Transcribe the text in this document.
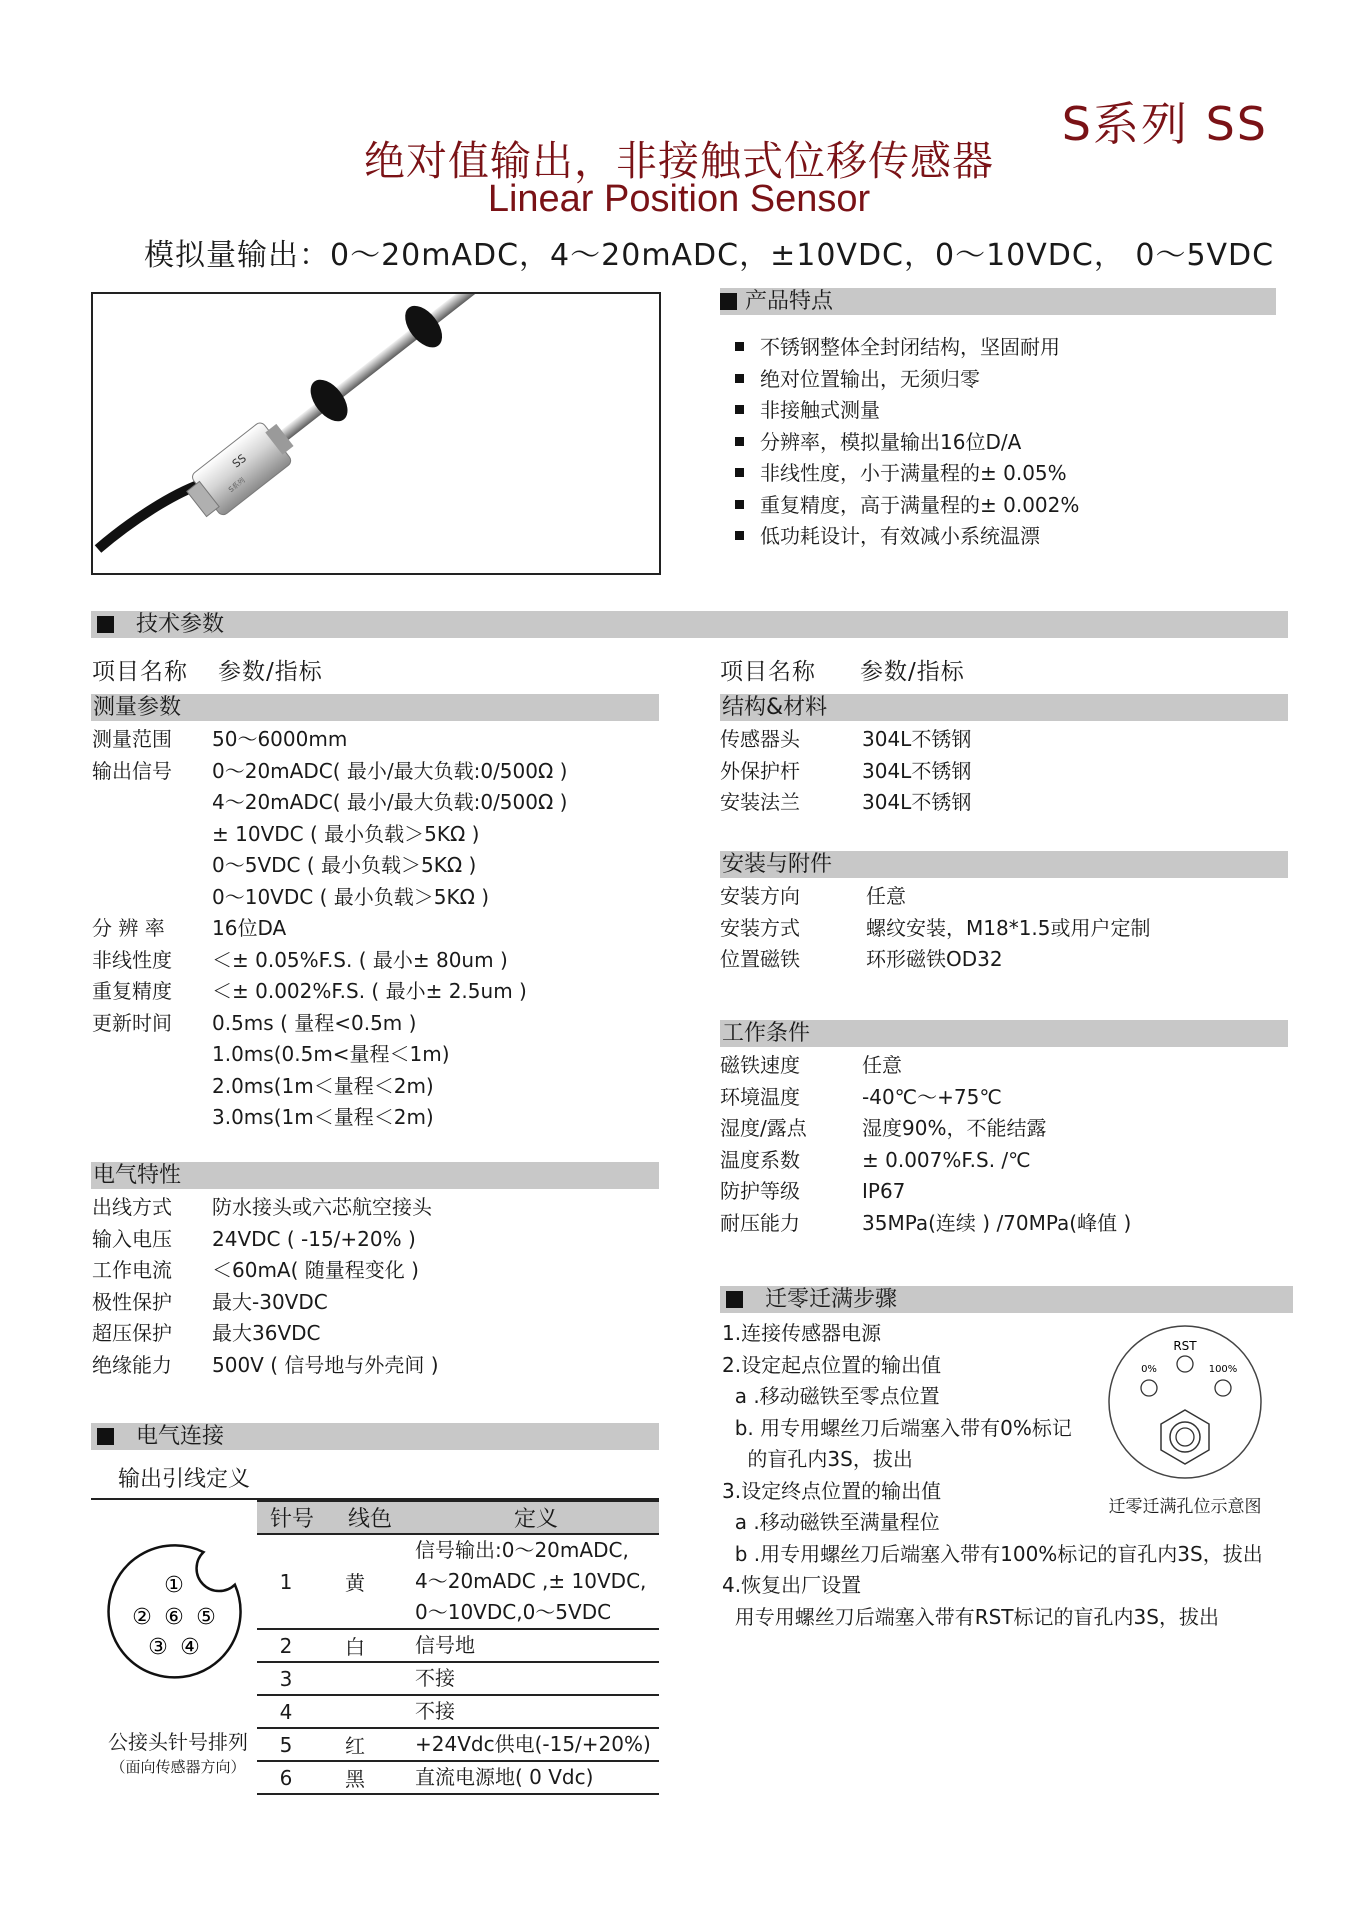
S系列 SS
绝对值输出，非接触式位移传感器
Linear Position Sensor
模拟量输出：0～20mADC，4～20mADC，±10VDC，0～10VDC， 0～5VDC
SS
S系列
产品特点
不锈钢整体全封闭结构，坚固耐用
绝对位置输出，无须归零
非接触式测量
分辨率，模拟量输出16位D/A
非线性度，小于满量程的± 0.05%
重复精度，高于满量程的± 0.002%
低功耗设计，有效减小系统温漂
技术参数
项目名称 参数/指标	项目名称 参数/指标
测量参数
测量范围 50～6000mm
输出信号 0～20mADC( 最小/最大负载:0/500Ω )
4～20mADC( 最小/最大负载:0/500Ω )
± 10VDC ( 最小负载＞5KΩ )
0～5VDC ( 最小负载＞5KΩ )
0～10VDC ( 最小负载＞5KΩ )
分 辨 率 16位DA
非线性度 ＜± 0.05%F.S. ( 最小± 80um )
重复精度 ＜± 0.002%F.S. ( 最小± 2.5um )
更新时间 0.5ms ( 量程<0.5m )
1.0ms(0.5m<量程＜1m)
2.0ms(1m＜量程＜2m)
3.0ms(1m＜量程＜2m)
电气特性
出线方式 防水接头或六芯航空接头
输入电压 24VDC ( -15/+20% )
工作电流 ＜60mA( 随量程变化 )
极性保护 最大-30VDC
超压保护 最大36VDC
绝缘能力 500V ( 信号地与外壳间 )
结构&材料
传感器头	304L不锈钢
外保护杆	304L不锈钢
安装法兰	304L不锈钢
安装与附件
安装方向	任意
安装方式	螺纹安装，M18*1.5或用户定制
位置磁铁	环形磁铁OD32
工作条件
磁铁速度	任意
环境温度	-40℃～+75℃
湿度/露点	湿度90%，不能结露
温度系数	± 0.007%F.S. /℃
防护等级	IP67
耐压能力	35MPa(连续 ) /70MPa(峰值 )
电气连接
输出引线定义
①
② ⑥ ⑤
③ ④
公接头针号排列
（面向传感器方向）
针号	线色	定义
1	黄	信号输出:0～20mADC,
4～20mADC ,± 10VDC,
0～10VDC,0～5VDC

2	白	信号地

3		不接

4		不接

5	红	+24Vdc供电(-15/+20%)

6	黑	直流电源地( 0 Vdc)
迁零迁满步骤
1.连接传感器电源
2.设定起点位置的输出值
a .移动磁铁至零点位置
b. 用专用螺丝刀后端塞入带有0%标记
的盲孔内3S，拔出
3.设定终点位置的输出值
a .移动磁铁至满量程位
b .用专用螺丝刀后端塞入带有100%标记的盲孔内3S，拔出
4.恢复出厂设置
用专用螺丝刀后端塞入带有RST标记的盲孔内3S，拔出
RST
0%	100%
迁零迁满孔位示意图
